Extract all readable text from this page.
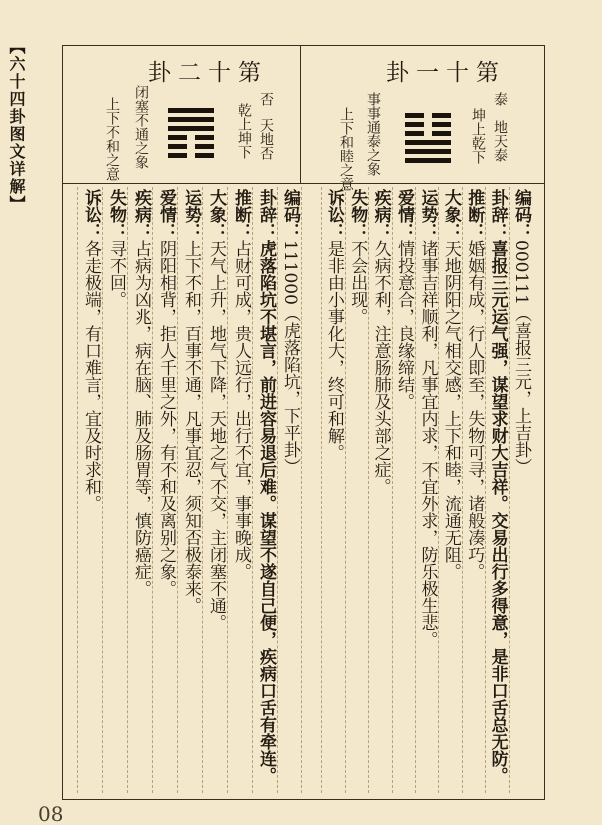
【六十四卦图文详解】	第十一卦
泰
地天泰
坤上乾下
事事通泰之象
上下和睦之意
第十二卦
否
天地否
乾上坤下
闭塞不通之象
上下不和之意
编码：000111（喜报三元，上吉卦）
卦辞：喜报三元运气强，谋望求财大吉祥。交易出行多得意，是非口舌总无防。
推断：婚姻有成，行人即至，失物可寻，诸般凑巧。
大象：天地阴阳之气相交感，上下和睦，流通无阻。
运势：诸事吉祥顺利，凡事宜内求，不宜外求，防乐极生悲。
爱情：情投意合，良缘缔结。
疾病：久病不利，注意肠肺及头部之症。
失物：不会出现。
诉讼：是非由小事化大，终可和解。
编码：111000（虎落陷坑，下平卦）
卦辞：虎落陷坑不堪言，前进容易退后难。谋望不遂自己便，疾病口舌有牵连。
推断：占财可成，贵人远行，出行不宜，事事晚成。
大象：天气上升，地气下降，天地之气不交，主闭塞不通。
运势：上下不和，百事不通，凡事宜忍，须知否极泰来。
爱情：阴阳相背，拒人千里之外，有不和及离别之象。
疾病：占病为凶兆，病在脑、肺及肠胃等，慎防癌症。
失物：寻不回。
诉讼：各走极端，有口难言，宜及时求和。
08
